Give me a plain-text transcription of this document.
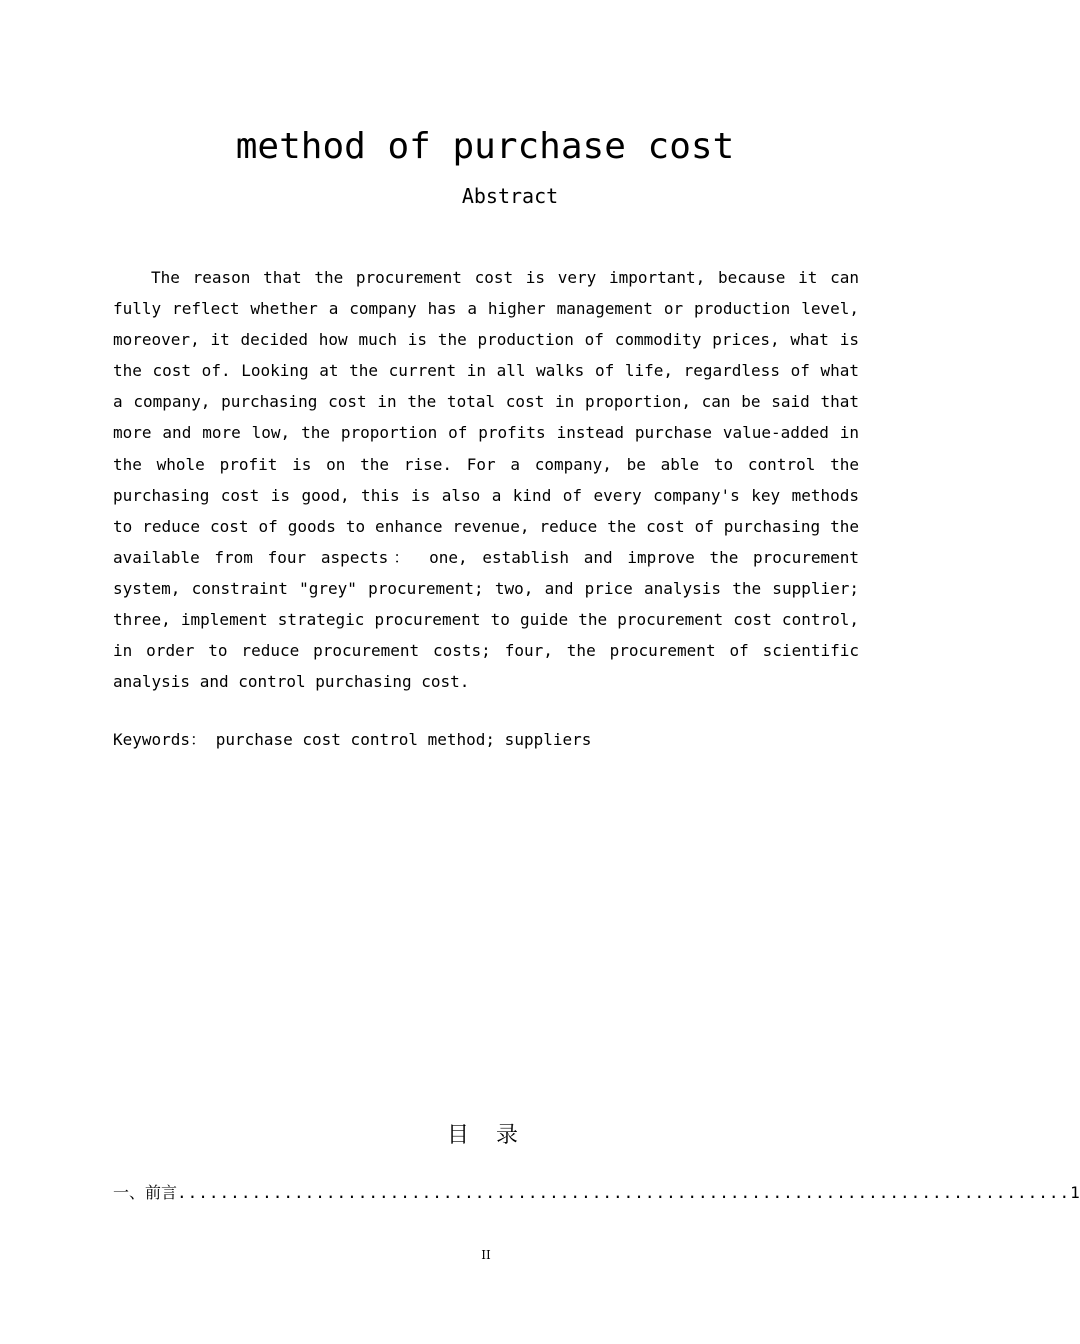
method of purchase cost
Abstract

The reason that the procurement cost is very important, because it can fully reflect whether a company has a higher management or production level, moreover, it decided how much is the production of commodity prices, what is the cost of. Looking at the current in all walks of life, regardless of what a company, purchasing cost in the total cost in proportion, can be said that more and more low, the proportion of profits instead purchase value-added in the whole profit is on the rise. For a company, be able to control the purchasing cost is good, this is also a kind of every company's key methods to reduce cost of goods to enhance revenue, reduce the cost of purchasing the available from four aspects： one, establish and improve the procurement system, constraint "grey" procurement; two, and price analysis the supplier; three, implement strategic procurement to guide the procurement cost control, in order to reduce procurement costs; four, the procurement of scientific analysis and control purchasing cost.

Keywords： purchase cost control method; suppliers
目 录
一、前言 .................................................................................... 1
II
